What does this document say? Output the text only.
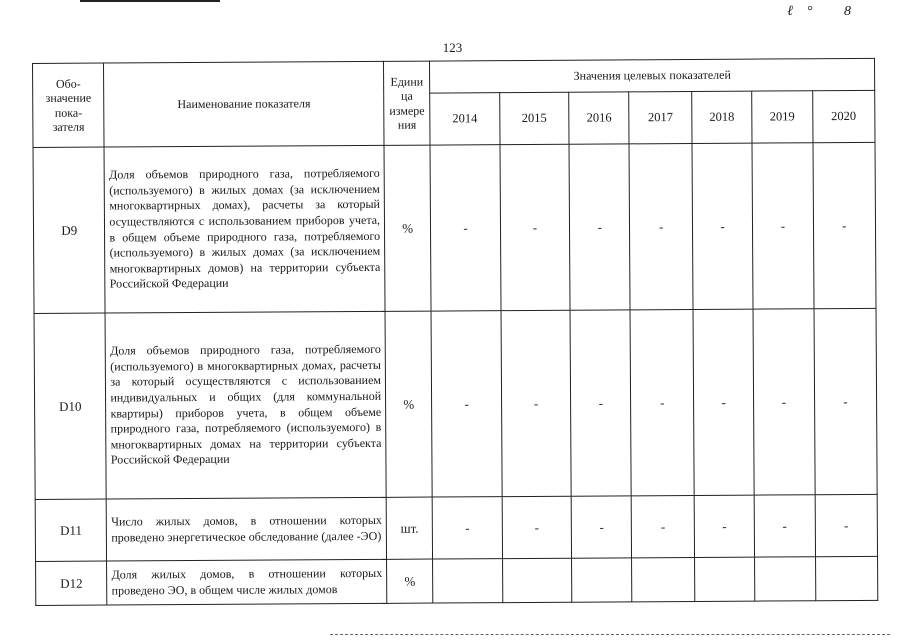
ℓ° 8
123
Обо-
значение
пока-
зателя	Наименование показателя	Едини
ца
измере
ния	Значения целевых показателей						
			2014	2015	2016	2017	2018	2019	2020
D9	Доля объемов природного газа, потребляемого (используемого) в жилых домах (за исключением многоквартирных домах), расчеты за который осуществляются с использованием приборов учета, в общем объеме природного газа, потребляемого (используемого) в жилых домах (за исключением многоквартирных домов) на территории субъекта Российской Федерации	%	-	-	-	-	-	-	-
D10	Доля объемов природного газа, потребляемого (используемого) в многоквартирных домах, расчеты за который осуществляются с использованием индивидуальных и общих (для коммунальной квартиры) приборов учета, в общем объеме природного газа, потребляемого (используемого) в многоквартирных домах на территории субъекта Российской Федерации	%	-	-	-	-	-	-	-
D11	Число жилых домов, в отношении которых проведено энергетическое обследование (далее -ЭО)	шт.	-	-	-	-	-	-	-
D12	Доля жилых домов, в отношении которых проведено ЭО, в общем числе жилых домов	%							
